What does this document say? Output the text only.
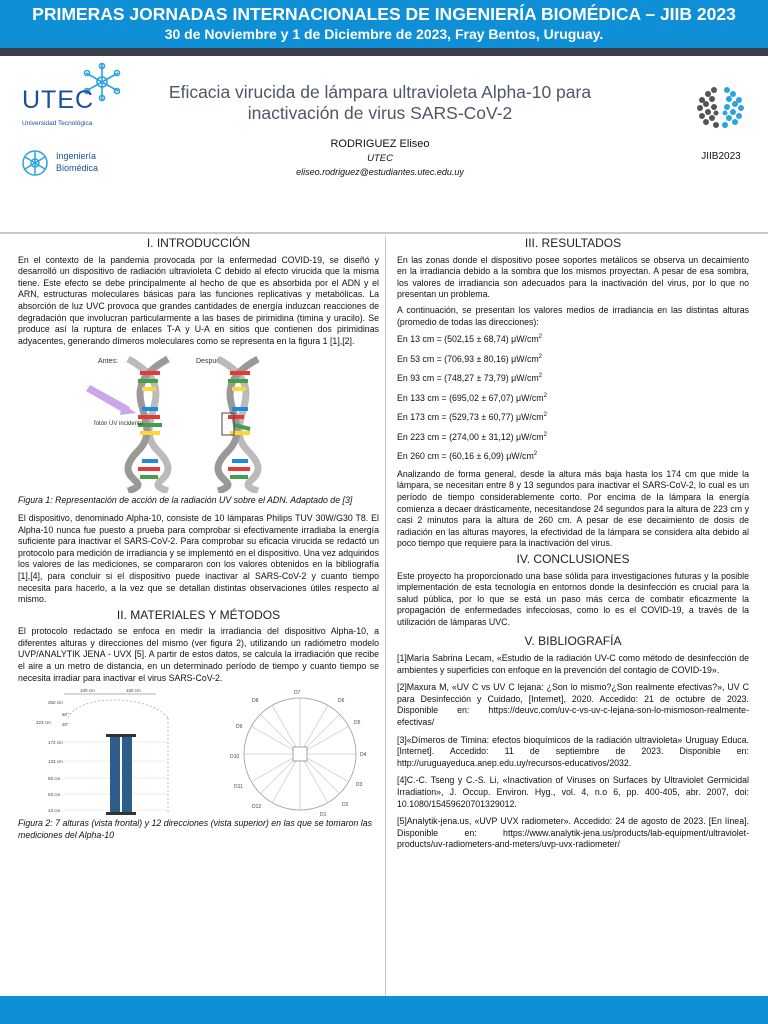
PRIMERAS JORNADAS INTERNACIONALES DE INGENIERÍA BIOMÉDICA – JIIB 2023
30 de Noviembre y 1 de Diciembre de 2023, Fray Bentos, Uruguay.
UTEC
Universidad Tecnológica
Ingeniería
Biomédica
Eficacia virucida de lámpara ultravioleta Alpha-10 para
inactivación de virus SARS-CoV-2
RODRIGUEZ Eliseo
UTEC
eliseo.rodriguez@estudiantes.utec.edu.uy
JIIB2023
I. INTRODUCCIÓN

En el contexto de la pandemia provocada por la enfermedad COVID-19, se diseñó y desarrolló un dispositivo de radiación ultravioleta C debido al efecto virucida que la misma tiene. Este efecto se debe principalmente al hecho de que es absorbida por el ADN y el ARN, estructuras moleculares básicas para las funciones replicativas y metabólicas. La absorción de luz UVC provoca que grandes cantidades de energía induzcan reacciones de degradación que involucran particularmente a las bases de pirimidina (timina y uracilo). Se produce así la ruptura de enlaces T-A y U-A en sitios que contienen dos pirimidinas adyacentes, generando dímeros moleculares como se representa en la figura 1 [1],[2].

Antes:	Después:
fotón UV incidente
Figura 1: Representación de acción de la radiación UV sobre el ADN. Adaptado de [3]

El dispositivo, denominado Alpha-10, consiste de 10 lámparas Philips TUV 30W/G30 T8. El Alpha-10 nunca fue puesto a prueba para comprobar si efectivamente irradiaba la energía suficiente para inactivar el SARS-CoV-2. Para comprobar su eficacia virucida se redactó un protocolo para medición de irradiancia y se implementó en el dispositivo. Una vez adquiridos los valores de las mediciones, se compararon con los valores obtenidos en la bibliografía [1],[4], para concluir si el dispositivo puede inactivar al SARS-CoV-2 y cuanto tiempo necesita para hacerlo, a la vez que se detallan distintas observaciones útiles respecto al mismo.

II. MATERIALES Y MÉTODOS

El protocolo redactado se enfoca en medir la irradiancia del dispositivo Alpha-10, a diferentes alturas y direcciones del mismo (ver figura 2), utilizando un radiómetro modelo UVP/ANALYTIK JENA - UVX [5]. A partir de estos datos, se calcula la irradiación que recibe el aire a un metro de distancia, en un determinado período de tiempo y cuanto tiempo se necesita irradiar para inactivar el virus SARS-CoV-2.

100 cm	100 cm
260 cm
223 cm
60°
30°
173 cm
133 cm
93 cm
53 cm
13 cm
D1
D2
D3
D4
D5
D6
D7
D8
D9
D10
D11
D12
Figura 2: 7 alturas (vista frontal) y 12 direcciones (vista superior) en las que se tomaron las mediciones del Alpha-10
III. RESULTADOS

En las zonas donde el dispositivo posee soportes metálicos se observa un decaimiento en la irradiancia debido a la sombra que los mismos proyectan. A pesar de esa sombra, los valores de irradiancia son adecuados para la inactivación del virus, por lo que no presentan un problema.

A continuación, se presentan los valores medios de irradiancia en las distintas alturas (promedio de todas las direcciones):

En 13 cm = (502,15 ± 68,74) $\mu W/cm^2$
En 53 cm = (706,93 ± 80,16) $\mu W/cm^2$
En 93 cm = (748,27 ± 73,79) $\mu W/cm^2$
En 133 cm = (695,02 ± 67,07) $\mu W/cm^2$
En 173 cm = (529,73 ± 60,77) $\mu W/cm^2$
En 223 cm = (274,00 ± 31,12) $\mu W/cm^2$
En 260 cm = (60,16 ± 6,09) $\mu W/cm^2$

Analizando de forma general, desde la altura más baja hasta los 174 cm que mide la lámpara, se necesitan entre 8 y 13 segundos para inactivar el SARS-CoV-2, lo cual es un período de tiempo considerablemente corto. Por encima de la lámpara la energía comienza a decaer drásticamente, necesitandose 24 segundos para la altura de 223 cm y casi 2 minutos para la altura de 260 cm. A pesar de ese decaimiento de dosis de radiación en las alturas mayores, la efectividad de la lámpara se considera alta debido al poco tiempo que requiere para la inactivación del virus.

IV. CONCLUSIONES

Este proyecto ha proporcionado una base sólida para investigaciones futuras y la posible implementación de esta tecnología en entornos donde la desinfección es crucial para la salud pública, por lo que se está un paso más cerca de combatir eficazmente la propagación de enfermedades infecciosas, como lo es el COVID-19, a través de la utilización de lámparas UVC.

V. BIBLIOGRAFÍA
[1]María Sabrina Lecam, «Estudio de la radiación UV-C como método de desinfección de ambientes y superficies con enfoque en la prevención del contagio de COVID-19».
[2]Maxura M, «UV C vs UV C lejana: ¿Son lo mismo?¿Son realmente efectivas?», UV C para Desinfección y Cuidado, [Internet], 2020. Accedido: 21 de octubre de 2023. Disponible en: https://deuvc.com/uv-c-vs-uv-c-lejana-son-lo-mismoson-realmente-efectivas/
[3]«Dímeros de Timina: efectos bioquímicos de la radiación ultravioleta» Uruguay Educa. [Internet]. Accedido: 11 de septiembre de 2023. Disponible en: http://uruguayeduca.anep.edu.uy/recursos-educativos/2032.
[4]C.-C. Tseng y C.-S. Li, «Inactivation of Viruses on Surfaces by Ultraviolet Germicidal Irradiation», J. Occup. Environ. Hyg., vol. 4, n.o 6, pp. 400-405, abr. 2007, doi: 10.1080/15459620701329012.
[5]Analytik-jena.us, «UVP UVX radiometer». Accedido: 24 de agosto de 2023. [En línea]. Disponible en: https://www.analytik-jena.us/products/lab-equipment/ultraviolet-products/uv-radiometers-and-meters/uvp-uvx-radiometer/
